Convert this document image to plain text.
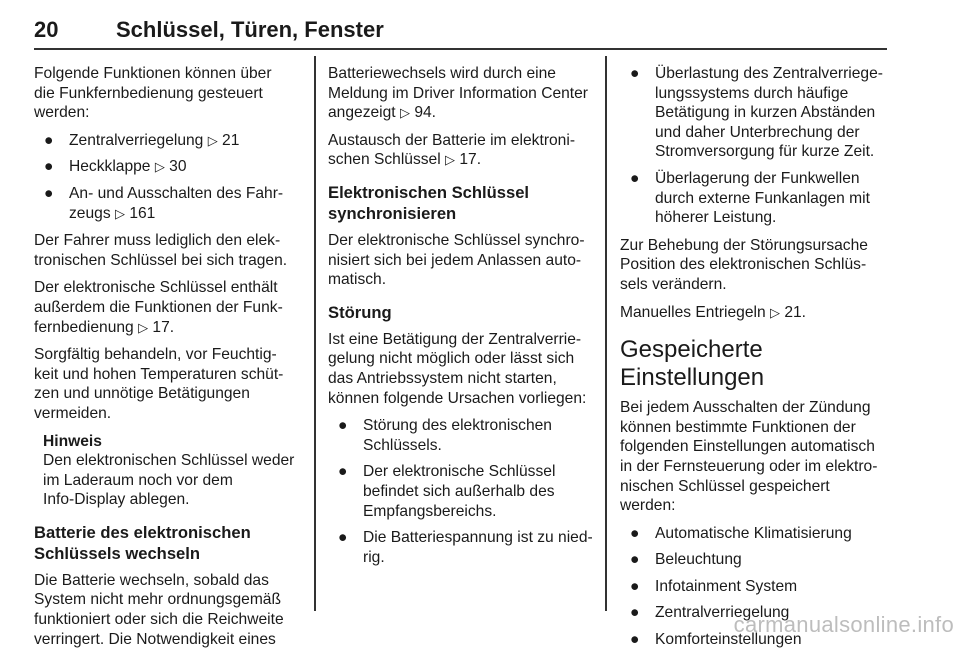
20	Schlüssel, Türen, Fenster

Folgende Funktionen können über
die Funkfernbedienung gesteuert
werden:

● Zentralverriegelung ▷ 21
● Heckklappe ▷ 30
● An- und Ausschalten des Fahr-
zeugs ▷ 161

Der Fahrer muss lediglich den elek-
tronischen Schlüssel bei sich tragen.

Der elektronische Schlüssel enthält
außerdem die Funktionen der Funk-
fernbedienung ▷ 17.

Sorgfältig behandeln, vor Feuchtig-
keit und hohen Temperaturen schüt-
zen und unnötige Betätigungen
vermeiden.

Hinweis
Den elektronischen Schlüssel weder
im Laderaum noch vor dem
Info-Display ablegen.
Batterie des elektronischen
Schlüssels wechseln

Die Batterie wechseln, sobald das
System nicht mehr ordnungsgemäß
funktioniert oder sich die Reichweite
verringert. Die Notwendigkeit eines

Batteriewechsels wird durch eine
Meldung im Driver Information Center
angezeigt ▷ 94.

Austausch der Batterie im elektroni-
schen Schlüssel ▷ 17.

Elektronischen Schlüssel
synchronisieren

Der elektronische Schlüssel synchro-
nisiert sich bei jedem Anlassen auto-
matisch.

Störung

Ist eine Betätigung der Zentralverrie-
gelung nicht möglich oder lässt sich
das Antriebssystem nicht starten,
können folgende Ursachen vorliegen:

● Störung des elektronischen
Schlüssels.
● Der elektronische Schlüssel
befindet sich außerhalb des
Empfangsbereichs.
● Die Batteriespannung ist zu nied-
rig.
● Überlastung des Zentralverriege-
lungssystems durch häufige
Betätigung in kurzen Abständen
und daher Unterbrechung der
Stromversorgung für kurze Zeit.
● Überlagerung der Funkwellen
durch externe Funkanlagen mit
höherer Leistung.

Zur Behebung der Störungsursache
Position des elektronischen Schlüs-
sels verändern.

Manuelles Entriegeln ▷ 21.

Gespeicherte Einstellungen

Bei jedem Ausschalten der Zündung
können bestimmte Funktionen der
folgenden Einstellungen automatisch
in der Fernsteuerung oder im elektro-
nischen Schlüssel gespeichert
werden:

● Automatische Klimatisierung
● Beleuchtung
● Infotainment System
● Zentralverriegelung
● Komforteinstellungen
carmanualsonline.info
